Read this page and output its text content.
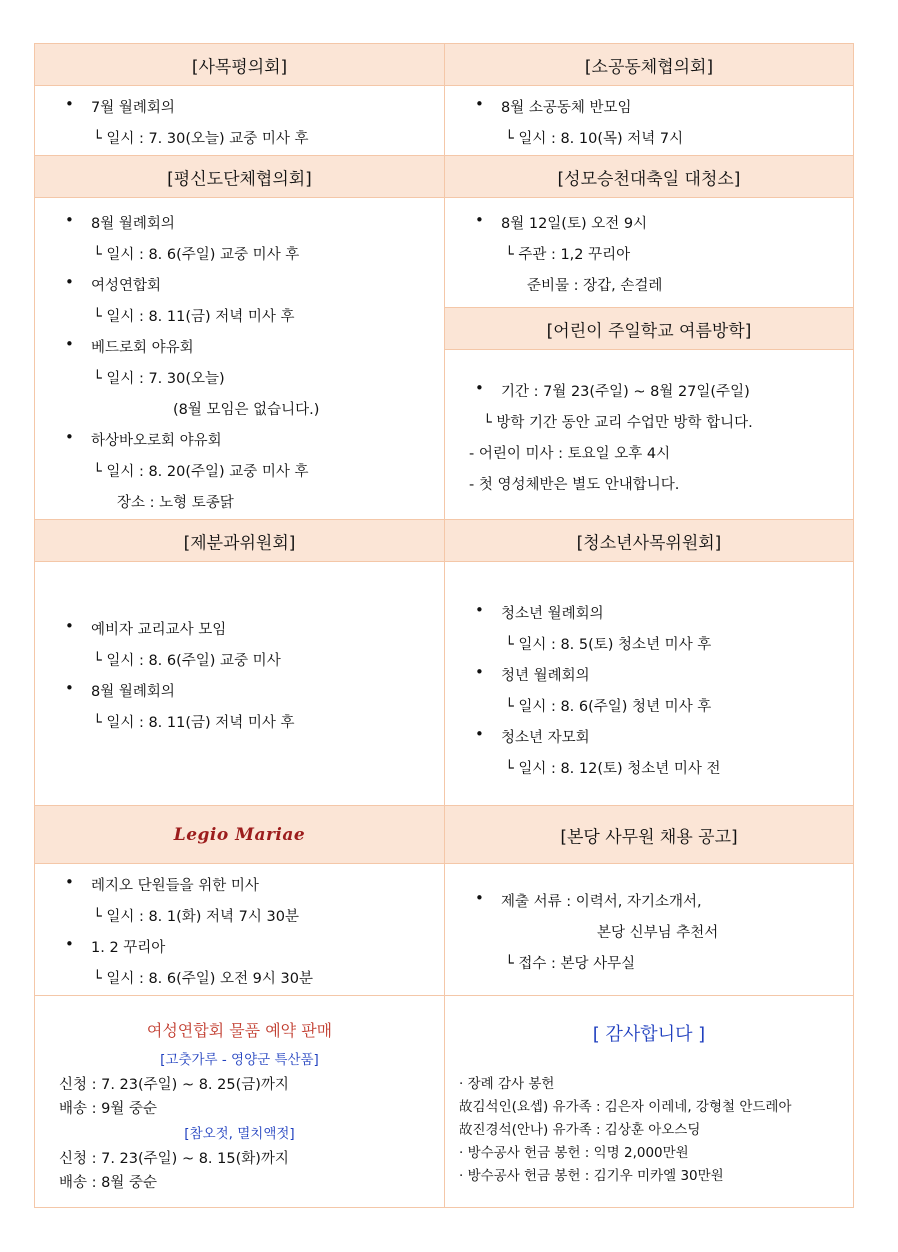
[사목평의회]	[소공동체협의회]
• 7월 월례회의
└ 일시 : 7. 30(오늘) 교중 미사 후
• 8월 소공동체 반모임
└ 일시 : 8. 10(목) 저녁 7시
[평신도단체협의회]	[성모승천대축일 대청소]
• 8월 월례회의
└ 일시 : 8. 6(주일) 교중 미사 후
• 여성연합회
└ 일시 : 8. 11(금) 저녁 미사 후
• 베드로회 야유회
└ 일시 : 7. 30(오늘)
(8월 모임은 없습니다.)
• 하상바오로회 야유회
└ 일시 : 8. 20(주일) 교중 미사 후
장소 : 노형 토종닭
• 8월 12일(토) 오전 9시
└ 주관 : 1,2 꾸리아
준비물 : 장갑, 손걸레
[어린이 주일학교 여름방학]
• 기간 : 7월 23(주일) ~ 8월 27일(주일)
└ 방학 기간 동안 교리 수업만 방학 합니다.
- 어린이 미사 : 토요일 오후 4시
- 첫 영성체반은 별도 안내합니다.
[제분과위원회]	[청소년사목위원회]
• 예비자 교리교사 모임
└ 일시 : 8. 6(주일) 교중 미사
• 8월 월례회의
└ 일시 : 8. 11(금) 저녁 미사 후
• 청소년 월례회의
└ 일시 : 8. 5(토) 청소년 미사 후
• 청년 월례회의
└ 일시 : 8. 6(주일) 청년 미사 후
• 청소년 자모회
└ 일시 : 8. 12(토) 청소년 미사 전
Legio Mariae	[본당 사무원 채용 공고]
• 레지오 단원들을 위한 미사
└ 일시 : 8. 1(화) 저녁 7시 30분
• 1. 2 꾸리아
└ 일시 : 8. 6(주일) 오전 9시 30분
• 제출 서류 : 이력서, 자기소개서,
본당 신부님 추천서
└ 접수 : 본당 사무실
여성연합회 물품 예약 판매
[고춧가루 - 영양군 특산품]
신청 : 7. 23(주일) ~ 8. 25(금)까지
배송 : 9월 중순
[참오젓, 멸치액젓]
신청 : 7. 23(주일) ~ 8. 15(화)까지
배송 : 8월 중순
[ 감사합니다 ]
· 장례 감사 봉헌
故김석인(요셉) 유가족 : 김은자 이레네, 강형철 안드레아
故진경석(안나) 유가족 : 김상훈 아오스딩
· 방수공사 헌금 봉헌 : 익명 2,000만원
· 방수공사 헌금 봉헌 : 김기우 미카엘 30만원
